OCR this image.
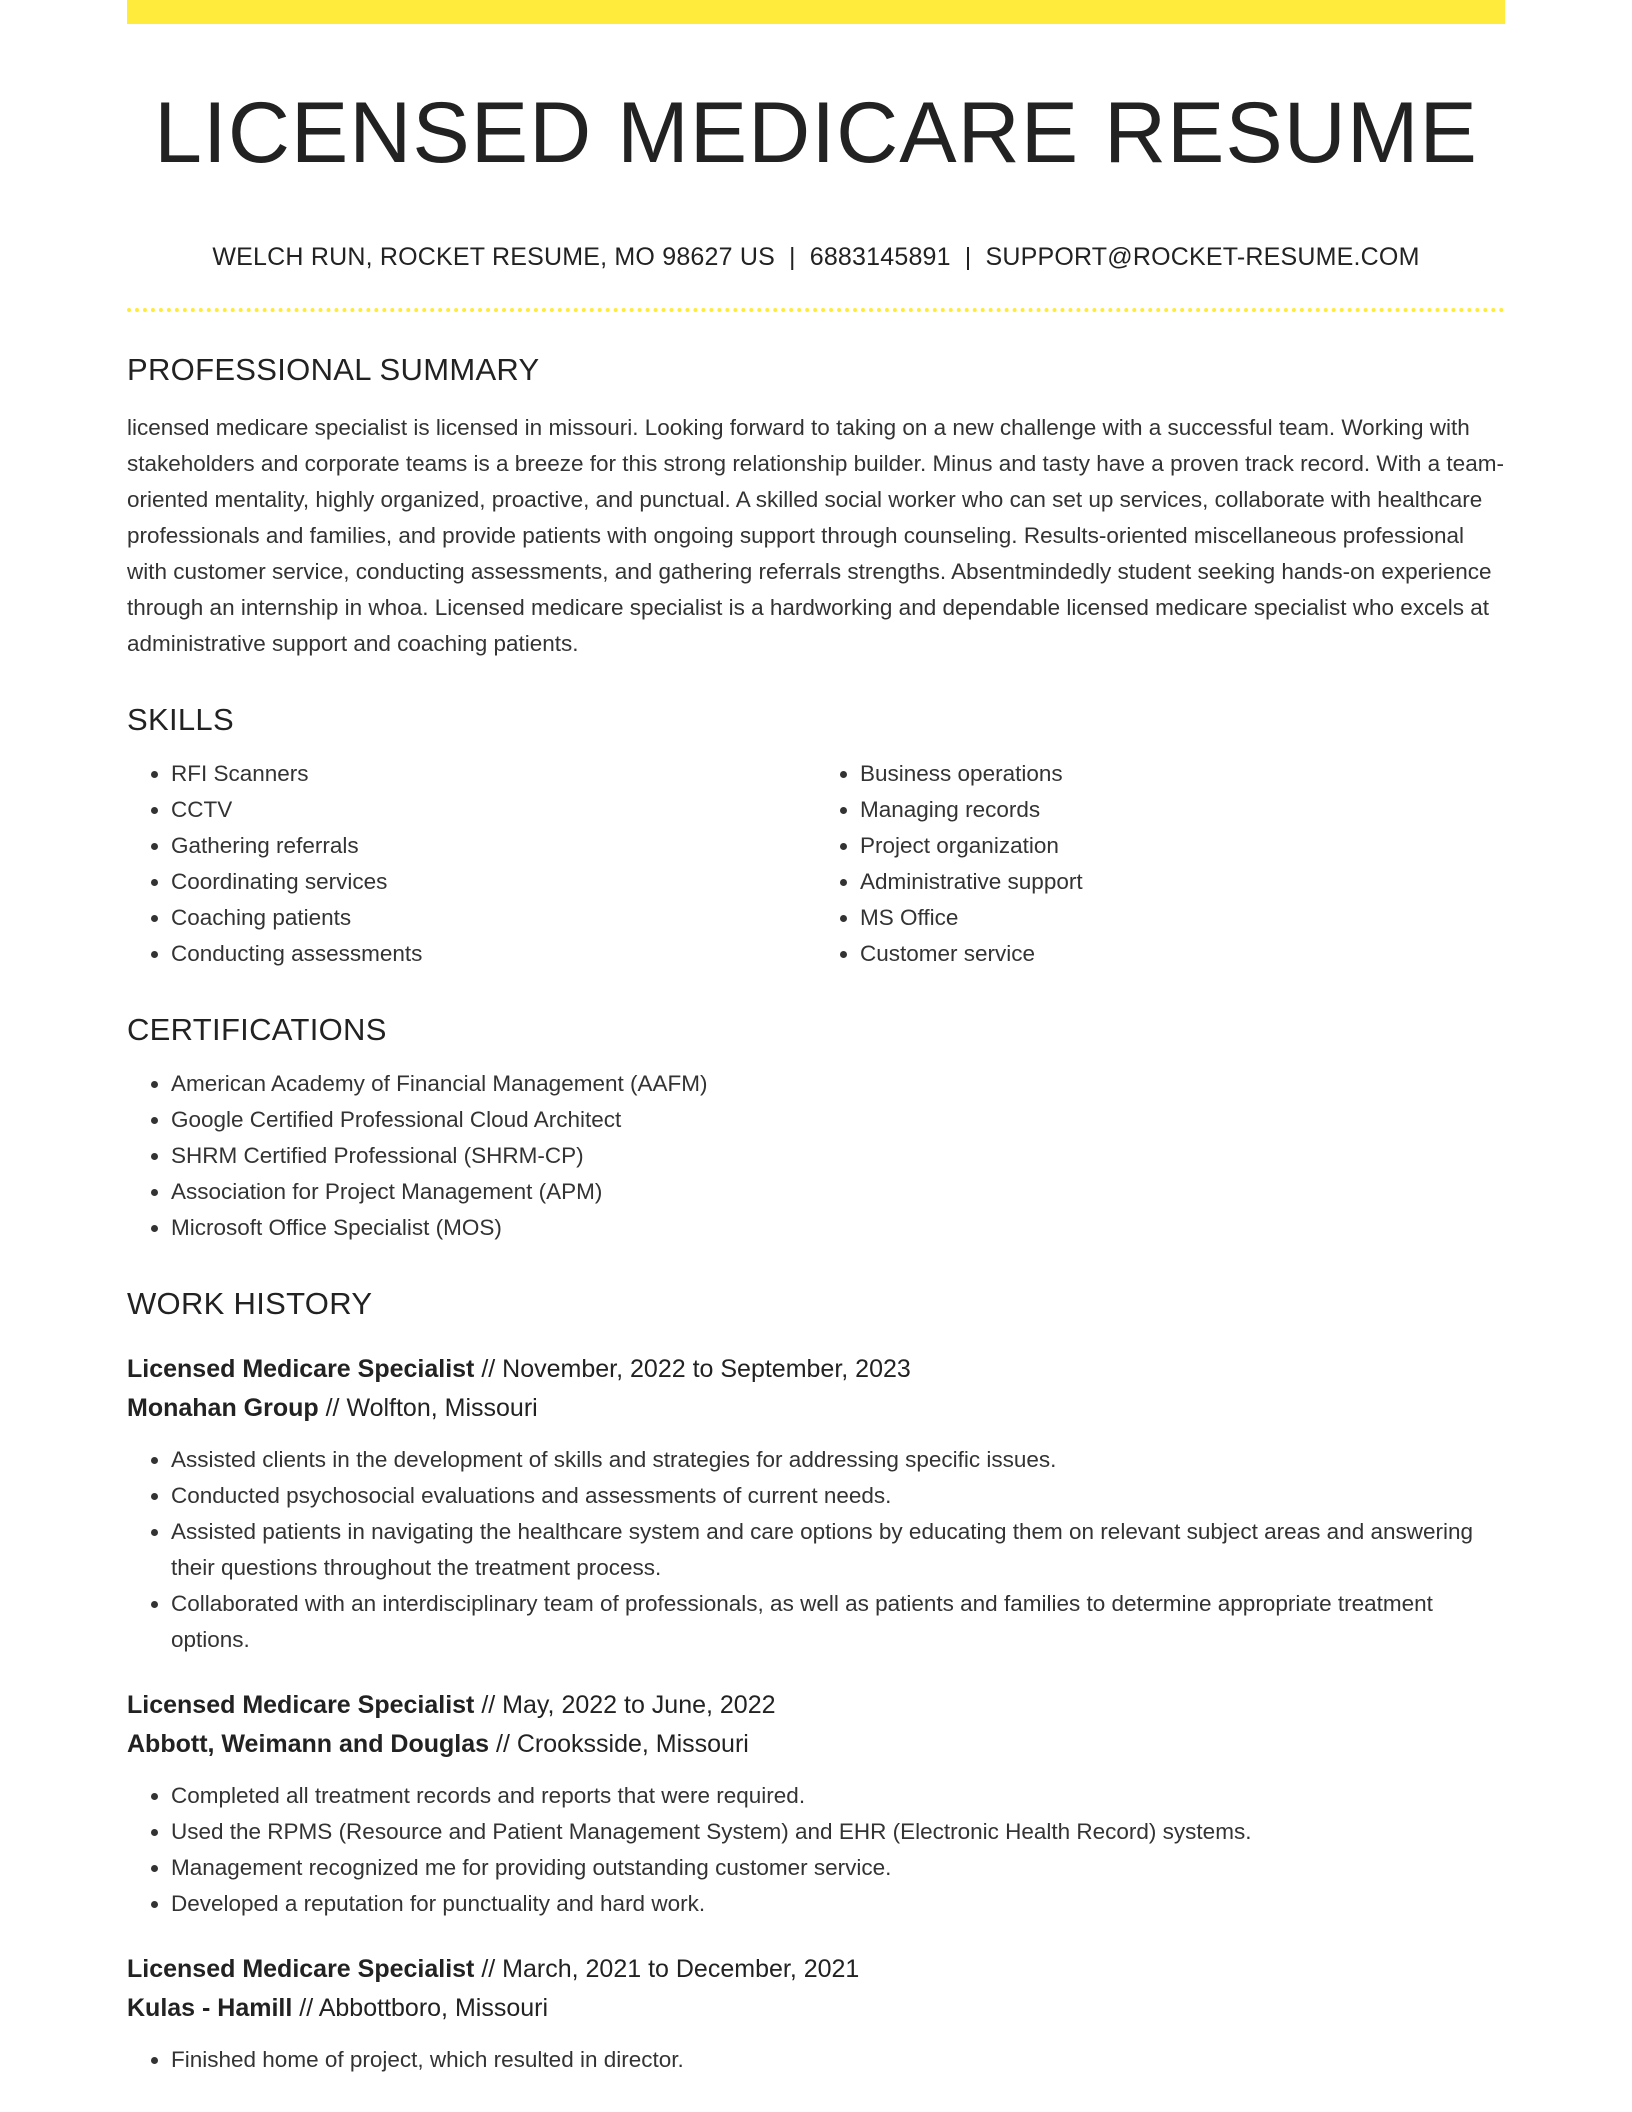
LICENSED MEDICARE RESUME
WELCH RUN, ROCKET RESUME, MO 98627 US | 6883145891 | SUPPORT@ROCKET-RESUME.COM
PROFESSIONAL SUMMARY

licensed medicare specialist is licensed in missouri. Looking forward to taking on a new challenge with a successful team. Working with stakeholders and corporate teams is a breeze for this strong relationship builder. Minus and tasty have a proven track record. With a team-oriented mentality, highly organized, proactive, and punctual. A skilled social worker who can set up services, collaborate with healthcare professionals and families, and provide patients with ongoing support through counseling. Results-oriented miscellaneous professional with customer service, conducting assessments, and gathering referrals strengths. Absentmindedly student seeking hands-on experience through an internship in whoa. Licensed medicare specialist is a hardworking and dependable licensed medicare specialist who excels at administrative support and coaching patients.

SKILLS
• RFI Scanners
• CCTV
• Gathering referrals
• Coordinating services
• Coaching patients
• Conducting assessments
• Business operations
• Managing records
• Project organization
• Administrative support
• MS Office
• Customer service
CERTIFICATIONS
• American Academy of Financial Management (AAFM)
• Google Certified Professional Cloud Architect
• SHRM Certified Professional (SHRM-CP)
• Association for Project Management (APM)
• Microsoft Office Specialist (MOS)
WORK HISTORY
Licensed Medicare Specialist // November, 2022 to September, 2023
Monahan Group // Wolfton, Missouri
• Assisted clients in the development of skills and strategies for addressing specific issues.
• Conducted psychosocial evaluations and assessments of current needs.
• Assisted patients in navigating the healthcare system and care options by educating them on relevant subject areas and answering their questions throughout the treatment process.
• Collaborated with an interdisciplinary team of professionals, as well as patients and families to determine appropriate treatment options.
Licensed Medicare Specialist // May, 2022 to June, 2022
Abbott, Weimann and Douglas // Crooksside, Missouri
• Completed all treatment records and reports that were required.
• Used the RPMS (Resource and Patient Management System) and EHR (Electronic Health Record) systems.
• Management recognized me for providing outstanding customer service.
• Developed a reputation for punctuality and hard work.
Licensed Medicare Specialist // March, 2021 to December, 2021
Kulas - Hamill // Abbottboro, Missouri
• Finished home of project, which resulted in director.
